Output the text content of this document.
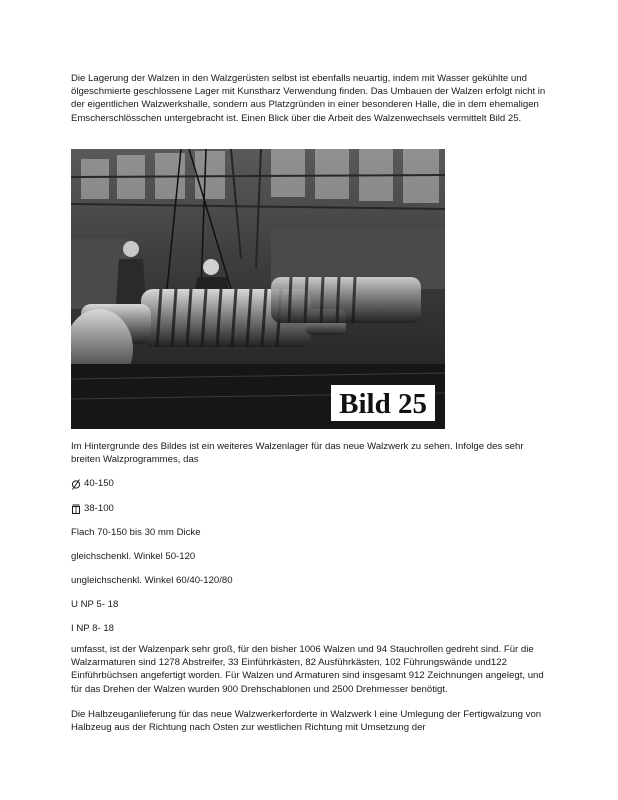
Die Lagerung der Walzen in den Walzgerüsten selbst ist ebenfalls neuartig, indem mit Wasser gekühlte und ölgeschmierte geschlossene Lager mit Kunstharz Verwendung finden. Das Umbauen der Walzen erfolgt nicht in der eigentlichen Walzwerkshalle, sondern aus Platzgründen in einer besonderen Halle, die in dem ehemaligen Emscherschlösschen untergebracht ist. Einen Blick über die Arbeit des Walzenwechsels vermittelt Bild 25.

Bild 25

Im Hintergrunde des Bildes ist ein weiteres Walzenlager für das neue Walzwerk zu sehen. Infolge des sehr breiten Walzprogrammes, das

40-150
38-100
Flach 70-150 bis 30 mm Dicke
gleichschenkl. Winkel 50-120
ungleichschenkl. Winkel 60/40-120/80
U NP 5- 18
I NP 8- 18

umfasst, ist der Walzenpark sehr groß, für den bisher 1006 Walzen und 94 Stauchrollen gedreht sind. Für die Walzarmaturen sind 1278 Abstreifer, 33 Einführkästen, 82 Ausführkästen, 102 Führungswände und122 Einführbüchsen angefertigt worden. Für Walzen und Armaturen sind insgesamt 912 Zeichnungen angelegt, und für das Drehen der Walzen wurden 900 Drehschablonen und 2500 Drehmesser benötigt.

Die Halbzeuganlieferung für das neue Walzwerkerforderte in Walzwerk I eine Umlegung der Fertigwalzung von Halbzeug aus der Richtung nach Osten zur westlichen Richtung mit Umsetzung der
